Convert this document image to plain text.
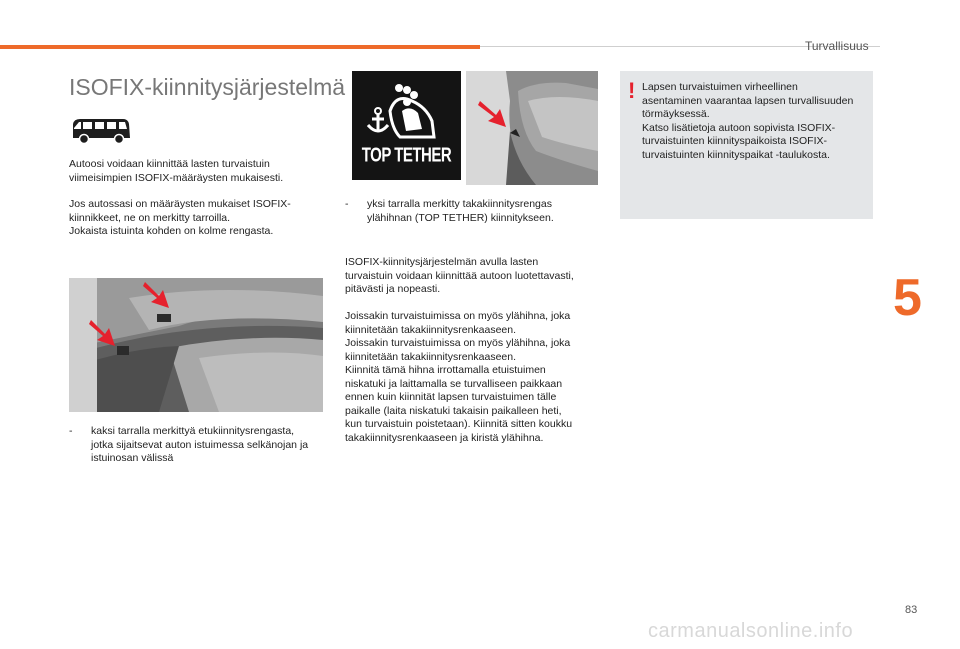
Turvallisuus
5
83
carmanualsonline.info
ISOFIX-kiinnitysjärjestelmä
Autoosi voidaan kiinnittää lasten turvaistuin
viimeisimpien ISOFIX-määräysten mukaisesti.
Jos autossasi on määräysten mukaiset ISOFIX-
kiinnikkeet, ne on merkitty tarroilla.
Jokaista istuinta kohden on kolme rengasta.
- kaksi tarralla merkittyä etukiinnitysrengasta,
jotka sijaitsevat auton istuimessa selkänojan ja
istuinosan välissä
TOP TETHER
- yksi tarralla merkitty takakiinnitysrengas
ylähihnan (TOP TETHER) kiinnitykseen.
ISOFIX-kiinnitysjärjestelmän avulla lasten
turvaistuin voidaan kiinnittää autoon luotettavasti,
pitävästi ja nopeasti.
Joissakin turvaistuimissa on myös ylähihna, joka
kiinnitetään takakiinnitysrenkaaseen.
Joissakin turvaistuimissa on myös ylähihna, joka
kiinnitetään takakiinnitysrenkaaseen.
Kiinnitä tämä hihna irrottamalla etuistuimen
niskatuki ja laittamalla se turvalliseen paikkaan
ennen kuin kiinnität lapsen turvaistuimen tälle
paikalle (laita niskatuki takaisin paikalleen heti,
kun turvaistuin poistetaan). Kiinnitä sitten koukku
takakiinnitysrenkaaseen ja kiristä ylähihna.
! Lapsen turvaistuimen virheellinen
asentaminen vaarantaa lapsen turvallisuuden
törmäyksessä.
Katso lisätietoja autoon sopivista ISOFIX-
turvaistuinten kiinnityspaikoista ISOFIX-
turvaistuinten kiinnityspaikat -taulukosta.
